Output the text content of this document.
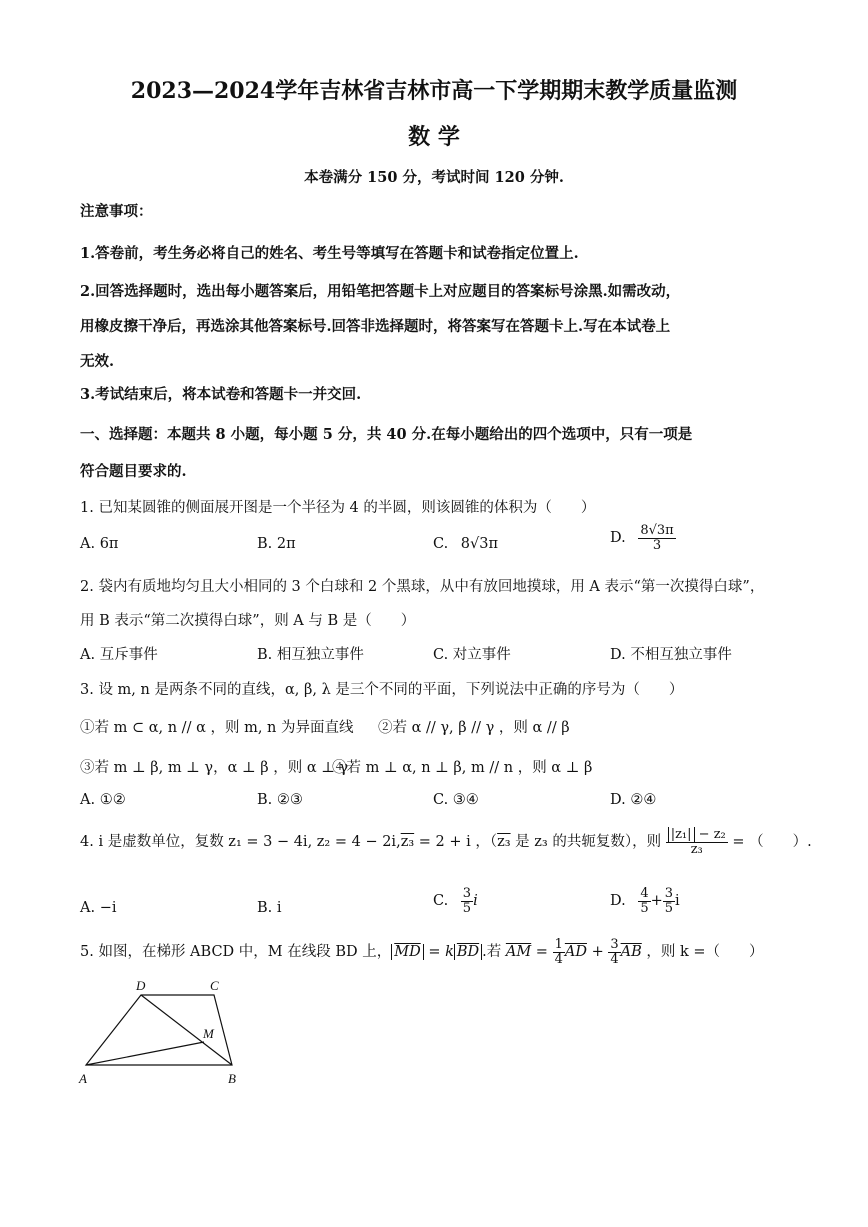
2023—2024学年吉林省吉林市高一下学期期末教学质量监测
数 学
本卷满分 150 分，考试时间 120 分钟.
注意事项：
1.答卷前，考生务必将自己的姓名、考生号等填写在答题卡和试卷指定位置上.
2.回答选择题时，选出每小题答案后，用铅笔把答题卡上对应题目的答案标号涂黑.如需改动，
用橡皮擦干净后，再选涂其他答案标号.回答非选择题时，将答案写在答题卡上.写在本试卷上
无效.
3.考试结束后，将本试卷和答题卡一并交回.
一、选择题：本题共 8 小题，每小题 5 分，共 40 分.在每小题给出的四个选项中，只有一项是
符合题目要求的.
1. 已知某圆锥的侧面展开图是一个半径为 4 的半圆，则该圆锥的体积为（　　）
A. 6π	B. 2π	C. 8√3π	D. $\frac{8√3\pi}{3}$
2. 袋内有质地均匀且大小相同的 3 个白球和 2 个黑球，从中有放回地摸球，用 A 表示“第一次摸得白球”，
用 B 表示“第二次摸得白球”，则 A 与 B 是（　　）
A. 互斥事件	B. 相互独立事件	C. 对立事件	D. 不相互独立事件
3. 设 m, n 是两条不同的直线，α, β, λ 是三个不同的平面，下列说法中正确的序号为（　　）
①若 m ⊂ α, n // α ，则 m, n 为异面直线 ②若 α // γ, β // γ ，则 α // β
③若 m ⊥ β, m ⊥ γ，α ⊥ β ，则 α ⊥ γ
④若 m ⊥ α, n ⊥ β, m // n ，则 α ⊥ β
A. ①②	B. ②③	C. ③④	D. ②④
4. i 是虚数单位，复数 z₁ = 3 − 4i, z₂ = 4 − 2i,z₃ = 2 + i ，（z₃ 是 z₃ 的共轭复数），则 $\frac{\text{|z₁| − z₂}}{\text{z₃}}$ = （　　）.
A. −i	B. i	C. $\frac{3}{5}$ i	D. $\frac{4}{5} + \frac{3}{5}$ i
5. 如图，在梯形 ABCD 中，M 在线段 BD 上， $\overline{MD} = k$ $\overline{BD}$ .若 $\overline{AM} = \frac{1}{4} \overline{AD} + \frac{3}{4} \overline{AB}$ ，则 k =（　　）
D	C
M
A	B
